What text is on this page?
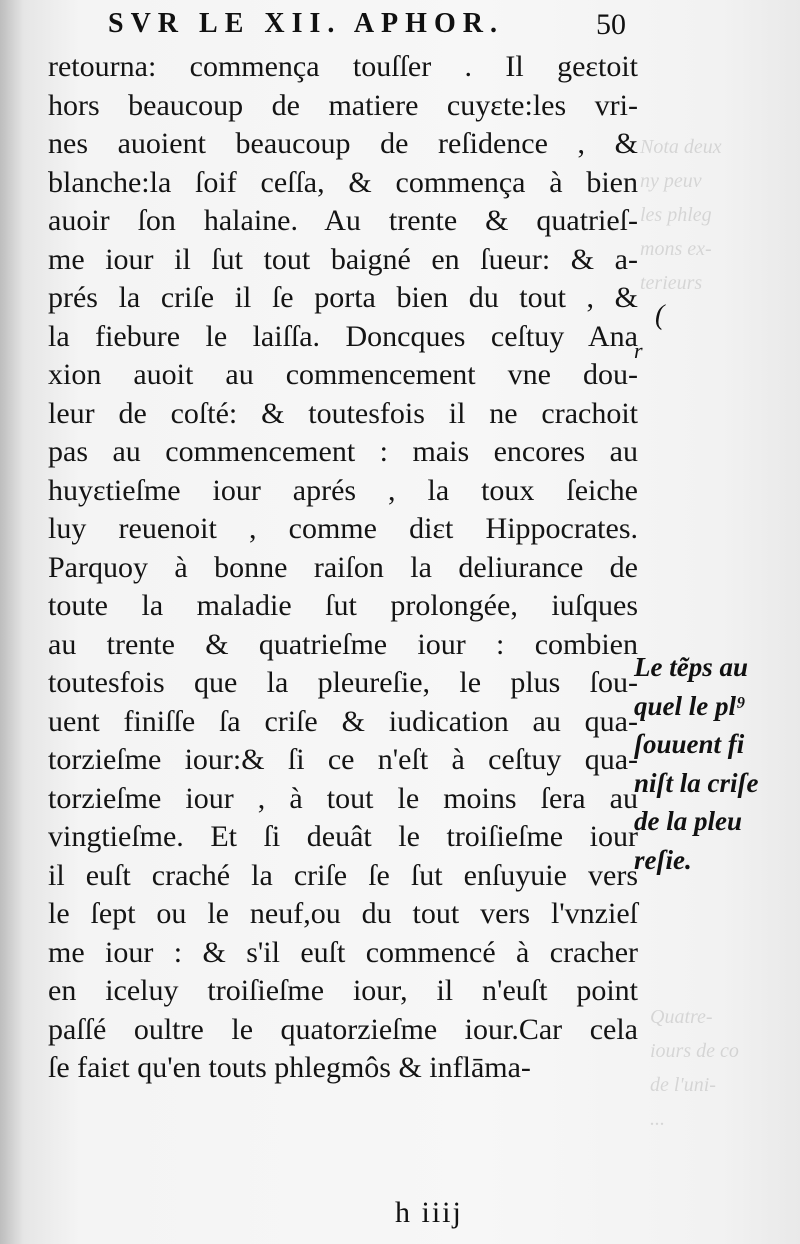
Nota deux
ny peuv
les phleg
mons ex-
terieurs
Quatre-
iours de co
de l'uni-
...
SVR LE XII. APHOR.	50
retourna: commença touſſer . Il geɛtoit
hors beaucoup de matiere cuyɛte:les vri-
nes auoient beaucoup de reſidence , &
blanche:la ſoif ceſſa, & commença à bien
auoir ſon halaine. Au trente & quatrieſ-
me iour il ſut tout baigné en ſueur: & a-
prés la criſe il ſe porta bien du tout , &
la fiebure le laiſſa. Doncques ceſtuy Ana
xion auoit au commencement vne dou-
leur de coſté: & toutesfois il ne crachoit
pas au commencement : mais encores au
huyɛtieſme iour aprés , la toux ſeiche
luy reuenoit , comme diɛt Hippocrates.
Parquoy à bonne raiſon la deliurance de
toute la maladie ſut prolongée, iuſques
au trente & quatrieſme iour : combien
toutesfois que la pleureſie, le plus ſou-
uent finiſſe ſa criſe & iudication au qua-
torzieſme iour:& ſi ce n'eſt à ceſtuy qua-
torzieſme iour , à tout le moins ſera au
vingtieſme. Et ſi deuât le troiſieſme iour
il euſt craché la criſe ſe ſut enſuyuie vers
le ſept ou le neuf,ou du tout vers l'vnzieſ
me iour : & s'il euſt commencé à cracher
en iceluy troiſieſme iour, il n'euſt point
paſſé oultre le quatorzieſme iour.Car cela
ſe faiɛt qu'en touts phlegmôs & inflāma-
(
r
Le tẽps au
quel le pl⁹
ſouuent fi
niſt la criſe
de la pleu
reſie.
h iiij
